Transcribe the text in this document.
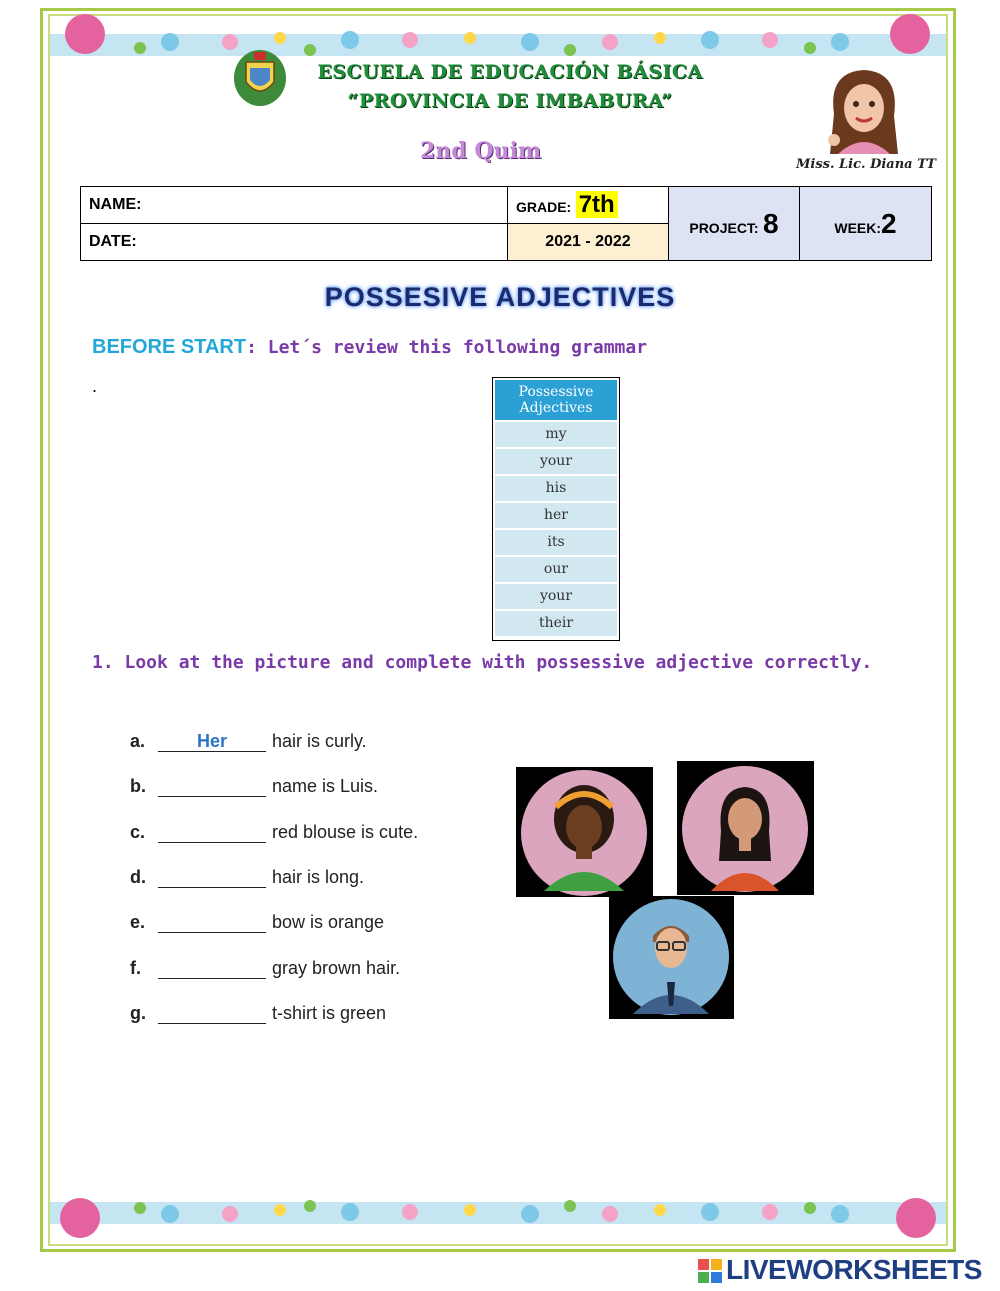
ESCUELA DE EDUCACIÓN BÁSICA
“PROVINCIA DE IMBABURA”
2nd Quim
Miss. Lic. Diana TT
NAME:	GRADE: 7th	PROJECT: 8	WEEK:2
DATE:	2021 - 2022		
POSSESIVE ADJECTIVES
BEFORE START: Let´s review this following grammar
.	Possessive
Adjectives
my
your
his
her
its
our
your
their
1. Look at the picture and complete with possessive adjective correctly.
a.	Her	hair is curly.
b.	name is Luis.
c.	red blouse is cute.
d.	hair is long.
e.	bow is orange
f.	gray brown hair.
g.	t-shirt is green
LIVEWORKSHEETS
